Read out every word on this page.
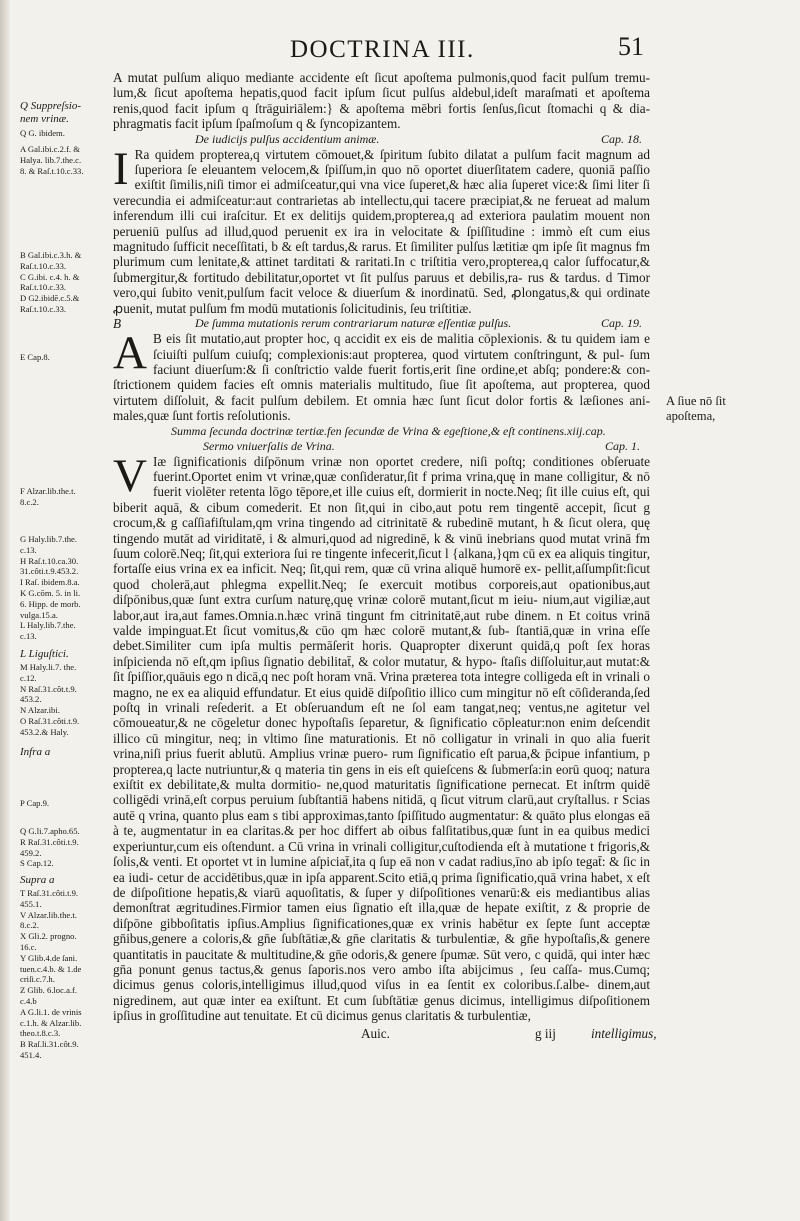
DOCTRINA III.	51

A mutat pulſum aliquo mediante accidente eſt ſicut apoſtema pulmonis,quod facit pulſum tremu- lum,& ſicut apoſtema hepatis,quod facit ipſum ſicut pulſus aldebul,ideſt maraſmati et apoſtema renis,quod facit ipſum q ſtrāguiriālem:} & apoſtema mēbri fortis ſenſus,ſicut ſtomachi q & dia- phragmatis facit ipſum ſpaſmoſum q & ſyncopizantem.

De iudicijs pulſus accidentium animæ.	Cap. 18.

I Ra quidem propterea,q virtutem cōmouet,& ſpiritum ſubito dilatat a pulſum facit magnum ad ſuperiora ſe eleuantem velocem,& ſpiſſum,in quo nō oportet diuerſitatem cadere, quoniā paſſio exiſtit ſimilis,niſi timor ei admiſceatur,qui vna vice ſuperet,& hæc alia ſuperet vice:& ſimi liter ſi verecundia ei admiſceatur:aut contrarietas ab intellectu,qui tacere præcipiat,& ne ferueat ad malum inferendum illi cui iraſcitur. Et ex delitijs quidem,propterea,q ad exteriora paulatim mouent non perueniū pulſus ad illud,quod peruenit ex ira in velocitate & ſpiſſitudine : immò eſt cum eius magnitudo ſufficit neceſſitati, b & eſt tardus,& rarus. Et ſimiliter pulſus lætitiæ qm ipſe ſit magnus fm plurimum cum lenitate,& attinet tarditati & raritati.In c triſtitia vero,propterea,q calor ſuffocatur,& ſubmergitur,& fortitudo debilitatur,oportet vt ſit pulſus paruus et debilis,ra- rus & tardus. d Timor vero,qui ſubito venit,pulſum facit veloce & diuerſum & inordinatū. Sed, ꝓlongatus,& qui ordinate ꝓuenit, mutat pulſum fm modū mutationis ſolicitudinis, ſeu triſtitiæ.

B	De ſumma mutationis rerum contrariarum naturæ eſſentiæ pulſus.	Cap. 19.

A B eis ſit mutatio,aut propter hoc, q accidit ex eis de malitia cōplexionis. & tu quidem iam e ſciuiſti pulſum cuiuſq; complexionis:aut propterea, quod virtutem conſtringunt, & pul- ſum faciunt diuerſum:& ſi conſtrictio valde fuerit fortis,erit ſine ordine,et abſq; pondere:& con- ſtrictionem quidem facies eſt omnis materialis multitudo, ſiue ſit apoſtema, aut propterea, quod virtutem diſſoluit, & facit pulſum debilem. Et omnia hæc ſunt ſicut dolor fortis & læſiones ani- males,quæ ſunt fortis reſolutionis.

Summa ſecunda doctrinæ tertiæ.fen ſecundæ de Vrina & egeſtione,& eſt continens.xiij.cap.
Sermo vniuerſalis de Vrina.	Cap. 1.

V Iæ ſignificationis diſpōnum vrinæ non oportet credere, niſi poſtq; conditiones obſeruate fuerint.Oportet enim vt vrinæ,quæ conſideratur,ſit f prima vrina,quę in mane colligitur, & nō fuerit violēter retenta lōgo tēpore,et ille cuius eſt, dormierit in nocte.Neq; ſit ille cuius eſt, qui biberit aquā, & cibum comederit. Et non ſit,qui in cibo,aut potu rem tingentē accepit, ſicut g crocum,& g caſſiafiſtulam,qm vrina tingendo ad citrinitatē & rubedinē mutant, h & ſicut olera, quę tingendo mutāt ad viriditatē, i & almuri,quod ad nigredinē, k & vinū inebrians quod mutat vrinā fm ſuum colorē.Neq; ſit,qui exteriora ſui re tingente infecerit,ſicut l {alkana,}qm cū ex ea aliquis tingitur, fortaſſe eius vrina ex ea inficit. Neq; ſit,qui rem, quæ cū vrina aliquē humorē ex- pellit,aſſumpſit:ſicut quod cholerā,aut phlegma expellit.Neq; ſe exercuit motibus corporeis,aut opationibus,aut diſpōnibus,quæ ſunt extra curſum naturę,quę vrinæ colorē mutant,ſicut m ieiu- nium,aut vigiliæ,aut labor,aut ira,aut fames.Omnia.n.hæc vrinā tingunt fm citrinitatē,aut rube dinem. n Et coitus vrinā valde impinguat.Et ſicut vomitus,& cūo qm hæc colorē mutant,& ſub- ſtantiā,quæ in vrina eſſe debet.Similiter cum ipſa multis permāſerit horis. Quapropter dixerunt quidā,q poſt ſex horas inſpicienda nō eſt,qm ipſius ſignatio debilitat̄, & color mutatur, & hypo- ſtaſis diſſoluitur,aut mutat:& ſit ſpiſſior,quāuis ego n dicā,q nec poſt horam vnā. Vrina præterea tota integre colligeda eſt in vrinali o magno, ne ex ea aliquid effundatur. Et eius quidē diſpoſitio illico cum mingitur nō eſt cōſideranda,ſed poſtq in vrinali reſederit. a Et obſeruandum eſt ne ſol eam tangat,neq; ventus,ne agitetur vel cōmoueatur,& ne cōgeletur donec hypoſtaſis ſeparetur, & ſignificatio cōpleatur:non enim deſcendit illico cū mingitur, neq; in vltimo ſine maturationis. Et nō colligatur in vrinali in quo alia fuerit vrina,niſi prius fuerit ablutū. Amplius vrinæ puero- rum ſignificatio eſt parua,& p̄cipue infantium, p propterea,q lacte nutriuntur,& q materia tin gens in eis eſt quieſcens & ſubmerſa:in eorū quoq; natura exiſtit ex debilitate,& multa dormitio- ne,quod maturitatis ſignificatione pernecat. Et inſtrm quidē colligēdi vrinā,eſt corpus peruium ſubſtantiā habens nitidā, q ſicut vitrum clarū,aut cryſtallus. r Scias autē q vrina, quanto plus eam s tibi approximas,tanto ſpiſſitudo augmentatur: & quāto plus elongas eā à te, augmentatur in ea claritas.& per hoc differt ab oibus falſitatibus,quæ ſunt in ea quibus medici experiuntur,cum eis oſtendunt. a Cū vrina in vrinali colligitur,cuſtodienda eſt à mutatione t frigoris,& ſolis,& venti. Et oportet vt in lumine aſpiciat̄,ita q ſup eā non v cadat radius,īno ab ipſo tegat̄: & ſic in ea iudi- cetur de accidētibus,quæ in ipſa apparent.Scito etiā,q prima ſignificatio,quā vrina habet, x eſt de diſpoſitione hepatis,& viarū aquoſitatis, & ſuper y diſpoſitiones venarū:& eis mediantibus alias demonſtrat ægritudines.Firmior tamen eius ſignatio eſt illa,quæ de hepate exiſtit, z & proprie de diſpōne gibboſitatis ipſius.Amplius ſignificationes,quæ ex vrinis habētur ex ſepte ſunt acceptæ gn̄ibus,genere a coloris,& gn̄e ſubſtātiæ,& gn̄e claritatis & turbulentiæ, & gn̄e hypoſtaſis,& genere quantitatis in paucitate & multitudine,& gn̄e odoris,& genere ſpumæ. Sūt vero, c quidā, qui inter hæc gn̄a ponunt genus tactus,& genus ſaporis.nos vero ambo iſta abijcimus , ſeu caſſa- mus.Cumq; dicimus genus coloris,intelligimus illud,quod viſus in ea ſentit ex coloribus.ſ.albe- dinem,aut nigredinem, aut quæ inter ea exiſtunt. Et cum ſubſtātiæ genus dicimus, intelligimus diſpoſitionem ipſius in groſſitudine aut tenuitate. Et cū dicimus genus claritatis & turbulentiæ,

Auic.	g iij	intelligimus,
Q Suppreſsio-
nem vrinæ.
Q G. ibidem.
A Gal.ibi.c.2.f. &
Halya. lib.7.the.c.
8. & Raſ.t.10.c.33.
B Gal.ibi.c.3.h. &
Raſ.t.10.c.33.
C G.ibi. c.4. h. &
Raſ.t.10.c.33.
D G2.ibidē.c.5.&
Raſ.t.10.c.33.
E Cap.8.
F Alzar.lib.the.t.
8.c.2.
G Haly.lib.7.the.
c.13.
H Raſ.t.10.ca.30.
31.côti.t.9.453.2.
I Raſ. ibidem.8.a.
K G.cōm. 5. in li.
6. Hipp. de morb.
vulga.15.a.
L Haly.lib.7.the.
c.13.
L Liguſtici.
M Haly.li.7. the.
c.12.
N Raſ.31.côt.t.9.
453.2.
N Alzar.ibi.
O Raſ.31.côti.t.9.
453.2.& Haly.
Infra a
P Cap.9.
Q G.li.7.apho.65.
R Raſ.31.côti.t.9.
459.2.
S Cap.12.
Supra a
T Raſ.31.côti.t.9.
455.1.
V Alzar.lib.the.t.
8.c.2.
X Gli.2. progno.
16.c.
Y Glib.4.de ſani.
tuen.c.4.b. & 1.de
criſi.c.7.h.
Z Glib. 6.loc.a.f.
c.4.b
A G.li.1. de vrinis
c.1.h. & Alzar.lib.
theo.t.8.c.3.
B Raſ.li.31.côt.9.
451.4.
A ſiue nō ſit
apoſtema,
